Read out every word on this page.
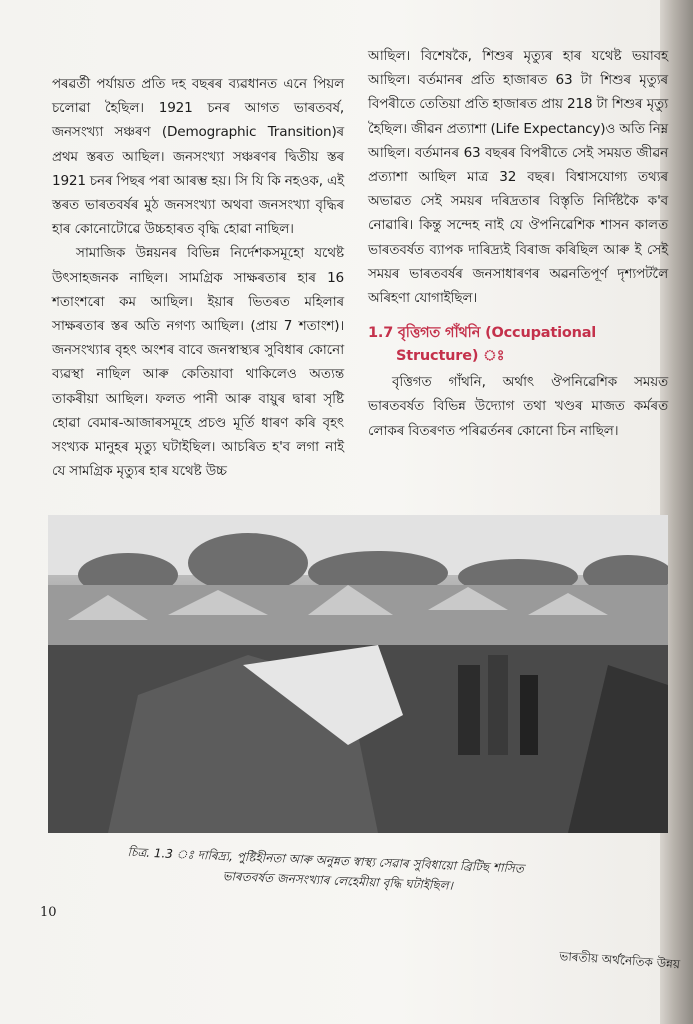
পৰৱৰ্তী পৰ্যায়ত প্ৰতি দহ বছৰৰ ব্যৱধানত এনে পিয়ল চলোৱা হৈছিল। 1921 চনৰ আগত ভাৰতবৰ্ষ, জনসংখ্যা সঞ্চৰণ (Demographic Transition)ৰ প্ৰথম স্তৰত আছিল। জনসংখ্যা সঞ্চৰণৰ দ্বিতীয় স্তৰ 1921 চনৰ পিছৰ পৰা আৰম্ভ হয়। সি যি কি নহওক, এই স্তৰত ভাৰতবৰ্ষৰ মুঠ জনসংখ্যা অথবা জনসংখ্যা বৃদ্ধিৰ হাৰ কোনোটোৱে উচ্চহাৰত বৃদ্ধি হোৱা নাছিল।

সামাজিক উন্নয়নৰ বিভিন্ন নিৰ্দেশকসমূহো যথেষ্ট উৎসাহজনক নাছিল। সামগ্ৰিক সাক্ষৰতাৰ হাৰ 16 শতাংশৰো কম আছিল। ইয়াৰ ভিতৰত মহিলাৰ সাক্ষৰতাৰ স্তৰ অতি নগণ্য আছিল। (প্ৰায় 7 শতাংশ)। জনসংখ্যাৰ বৃহৎ অংশৰ বাবে জনস্বাস্থ্যৰ সুবিধাৰ কোনো ব্যৱস্থা নাছিল আৰু কেতিয়াবা থাকিলেও অত্যন্ত তাকৰীয়া আছিল। ফলত পানী আৰু বায়ুৰ দ্বাৰা সৃষ্টি হোৱা বেমাৰ-আজাৰসমূহে প্ৰচণ্ড মূৰ্তি ধাৰণ কৰি বৃহৎ সংখ্যক মানুহৰ মৃত্যু ঘটাইছিল। আচৰিত হ'ব লগা নাই যে সামগ্ৰিক মৃত্যুৰ হাৰ যথেষ্ট উচ্চ

আছিল। বিশেষকৈ, শিশুৰ মৃত্যুৰ হাৰ যথেষ্ট ভয়াবহ আছিল। বৰ্তমানৰ প্ৰতি হাজাৰত 63 টা শিশুৰ মৃত্যুৰ বিপৰীতে তেতিয়া প্ৰতি হাজাৰত প্ৰায় 218 টা শিশুৰ মৃত্যু হৈছিল। জীৱন প্ৰত্যাশা (Life Expectancy)ও অতি নিম্ন আছিল। বৰ্তমানৰ 63 বছৰৰ বিপৰীতে সেই সময়ত জীৱন প্ৰত্যাশা আছিল মাত্ৰ 32 বছৰ। বিশ্বাসযোগ্য তথ্যৰ অভাৱত সেই সময়ৰ দৰিদ্ৰতাৰ বিস্তৃতি নিৰ্দিষ্টকৈ ক'ব নোৱাৰি। কিন্তু সন্দেহ নাই যে ঔপনিৱেশিক শাসন কালত ভাৰতবৰ্ষত ব্যাপক দাৰিদ্ৰ্যই বিৰাজ কৰিছিল আৰু ই সেই সময়ৰ ভাৰতবৰ্ষৰ জনসাধাৰণৰ অৱনতিপূৰ্ণ দৃশ্যপটলৈ অৰিহণা যোগাইছিল।

1.7 বৃত্তিগত গাঁথনি (Occupational
Structure) ঃ

বৃত্তিগত গাঁথনি, অৰ্থাৎ ঔপনিৱেশিক সময়ত ভাৰতবৰ্ষত বিভিন্ন উদ্যোগ তথা খণ্ডৰ মাজত কৰ্মৰত লোকৰ বিতৰণত পৰিৱৰ্তনৰ কোনো চিন নাছিল।

চিত্ৰ. 1.3 ঃ দাৰিদ্ৰ্য, পুষ্টিহীনতা আৰু অনুন্নত স্বাস্থ্য সেৱাৰ সুবিধায়ো ব্ৰিটিছ শাসিত
ভাৰতবৰ্ষত জনসংখ্যাৰ লেহেমীয়া বৃদ্ধি ঘটাইছিল।
10
ভাৰতীয় অৰ্থনৈতিক উন্নয়
